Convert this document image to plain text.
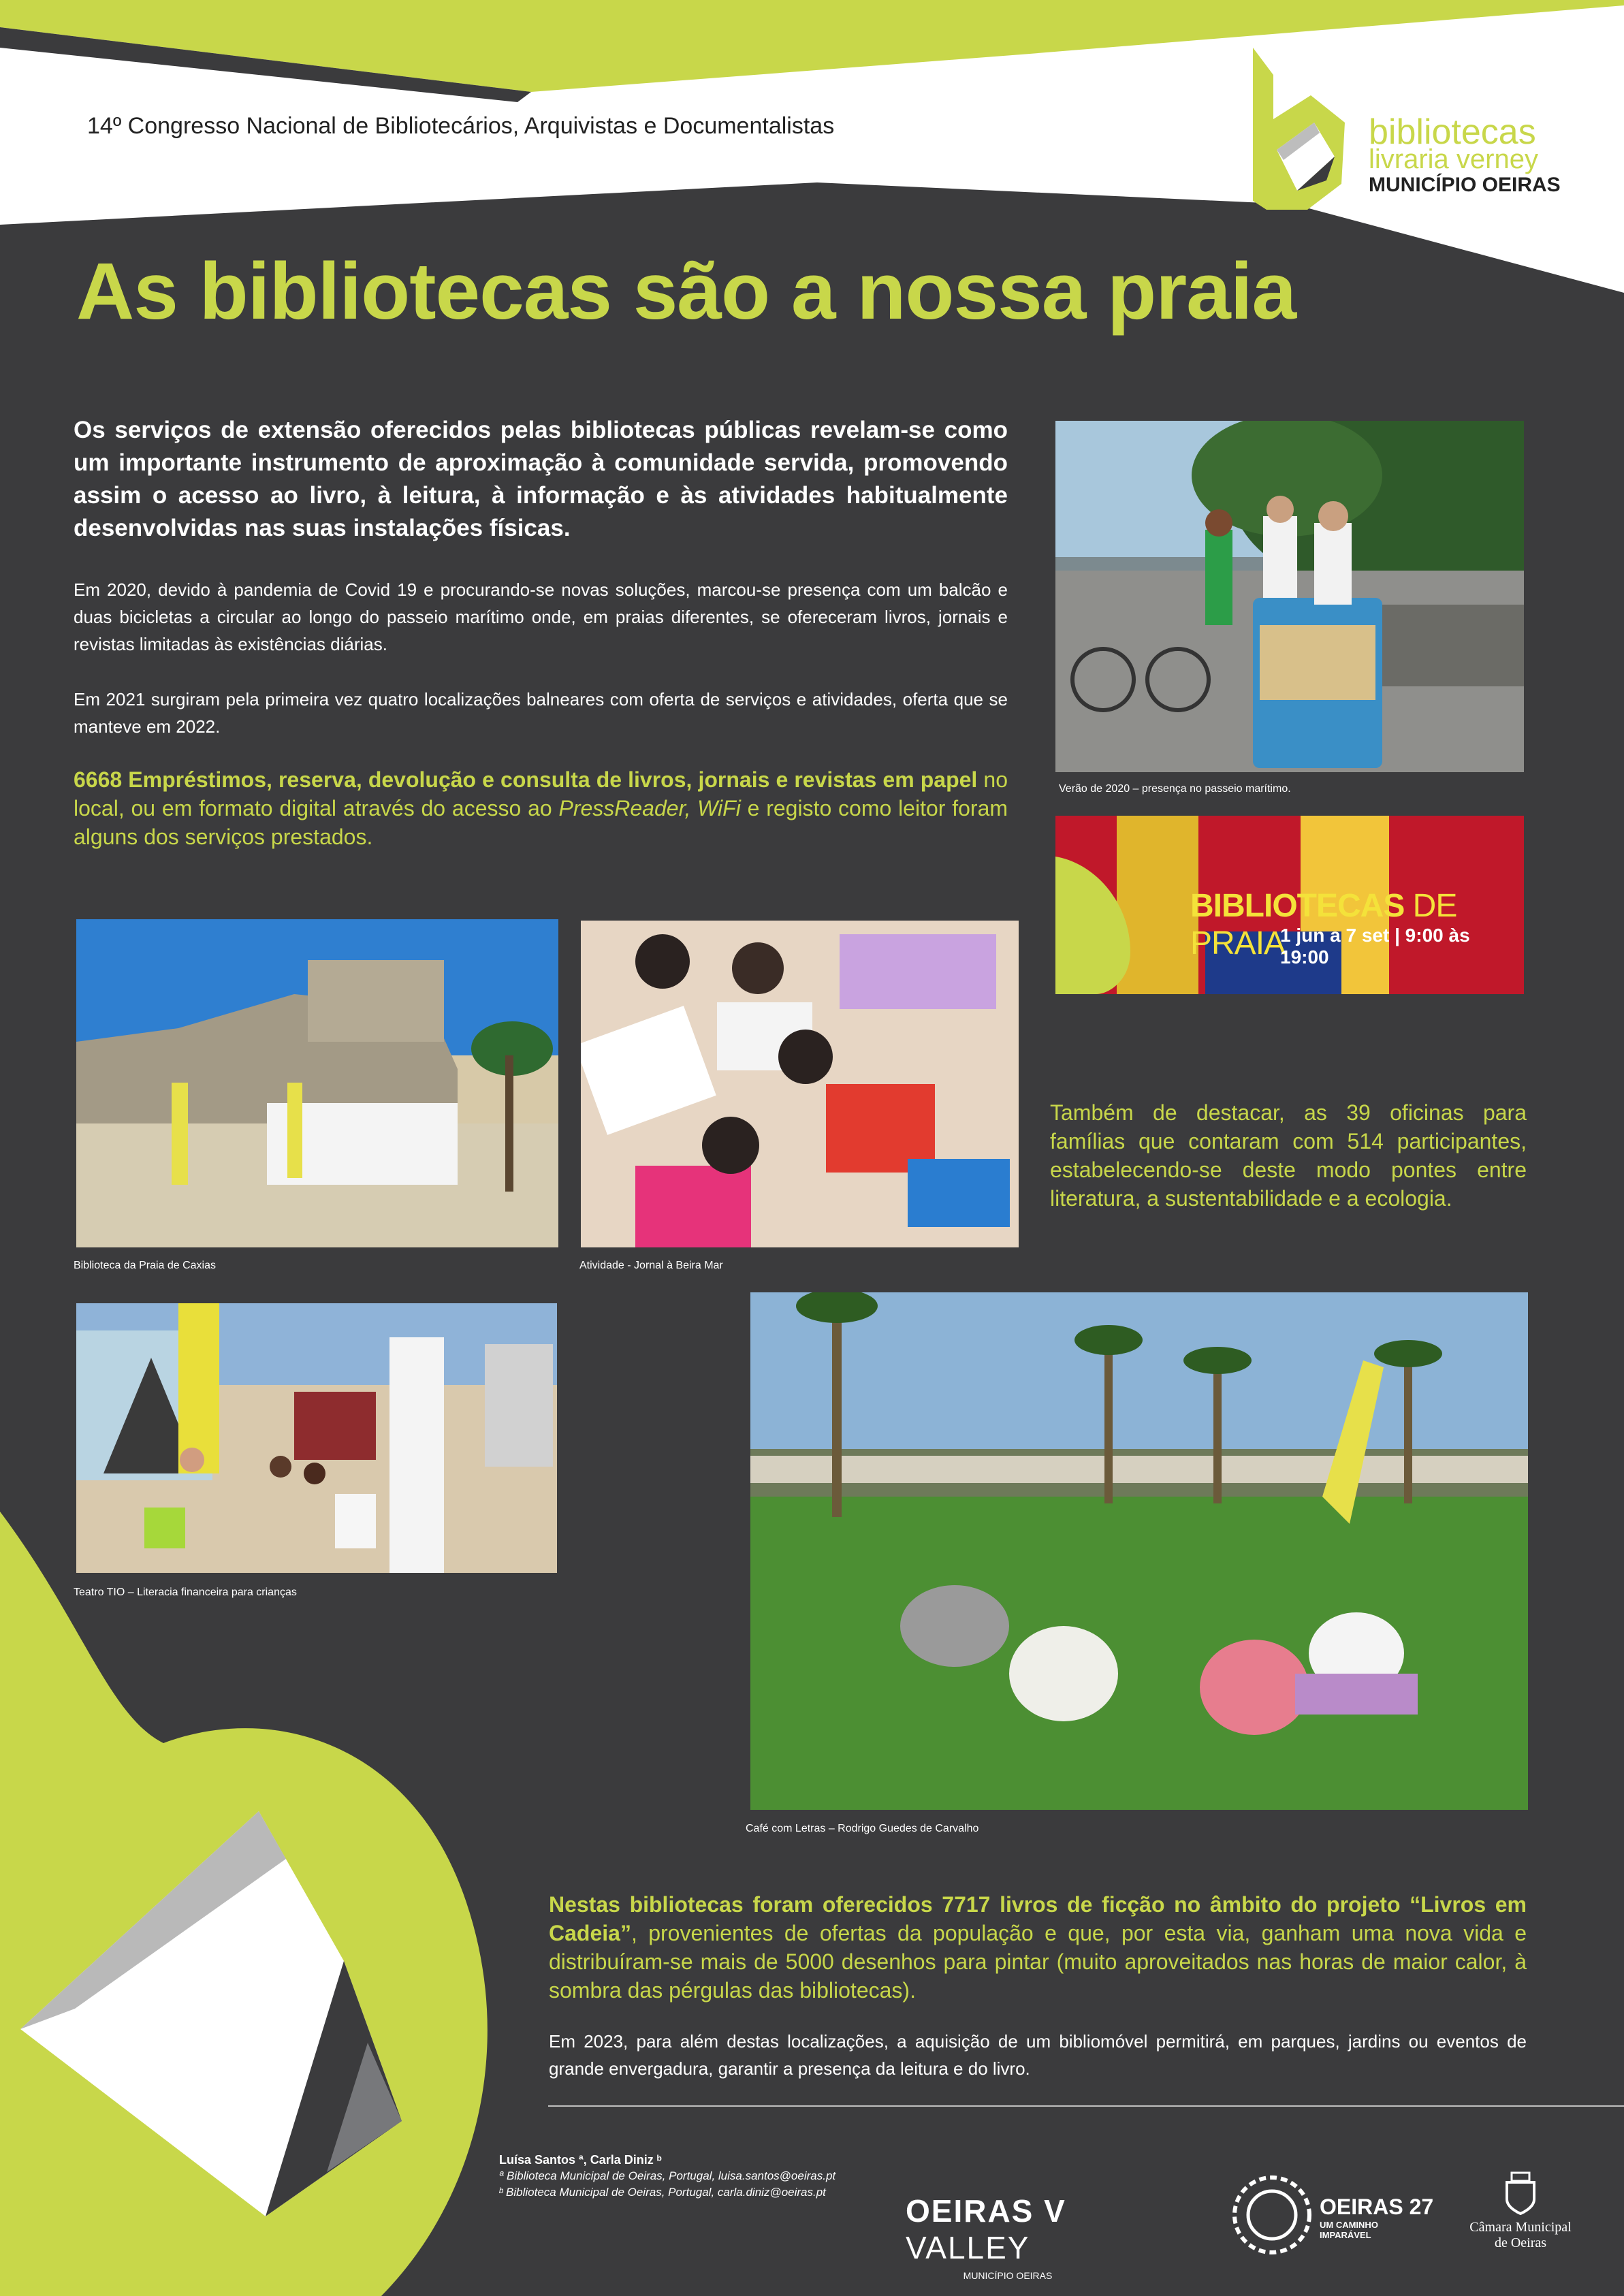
14º Congresso Nacional de Bibliotecários, Arquivistas e Documentalistas	bibliotecas
livraria verney
MUNICÍPIO OEIRAS
As bibliotecas são a nossa praia
Os serviços de extensão oferecidos pelas bibliotecas públicas revelam-se como um importante instrumento de aproximação à comunidade servida, promovendo assim o acesso ao livro, à leitura, à informação e às atividades habitualmente desenvolvidas nas suas instalações físicas.
Em 2020, devido à pandemia de Covid 19 e procurando-se novas soluções, marcou-se presença com um balcão e duas bicicletas a circular ao longo do passeio marítimo onde, em praias diferentes, se ofereceram livros, jornais e revistas limitadas às existências diárias.
Em 2021 surgiram pela primeira vez quatro localizações balneares com oferta de serviços e atividades, oferta que se manteve em 2022.
6668 Empréstimos, reserva, devolução e consulta de livros, jornais e revistas em papel no local, ou em formato digital através do acesso ao PressReader, WiFi e registo como leitor foram alguns dos serviços prestados.
Verão de 2020 – presença no passeio marítimo.
BIBLIOTECAS DE PRAIA
1 jun a 7 set | 9:00 às 19:00
Biblioteca da Praia de Caxias	Atividade - Jornal à Beira Mar
Também de destacar, as 39 oficinas para famílias que contaram com 514 participantes, estabelecendo-se deste modo pontes entre literatura, a sustentabilidade e a ecologia.
Teatro TIO – Literacia financeira para crianças
Café com Letras – Rodrigo Guedes de Carvalho
Nestas bibliotecas foram oferecidos 7717 livros de ficção no âmbito do projeto “Livros em Cadeia”, provenientes de ofertas da população e que, por esta via, ganham uma nova vida e distribuíram-se mais de 5000 desenhos para pintar (muito aproveitados nas horas de maior calor, à sombra das pérgulas das bibliotecas).
Em 2023, para além destas localizações, a aquisição de um bibliomóvel permitirá, em parques, jardins ou eventos de grande envergadura, garantir a presença da leitura e do livro.
Luísa Santos ª, Carla Diniz ᵇ
ª Biblioteca Municipal de Oeiras, Portugal, luisa.santos@oeiras.pt
ᵇ Biblioteca Municipal de Oeiras, Portugal, carla.diniz@oeiras.pt
OEIRAS V VALLEY
MUNICÍPIO OEIRAS
OEIRAS 27
UM CAMINHO
IMPARÁVEL
Câmara Municipal
de Oeiras
